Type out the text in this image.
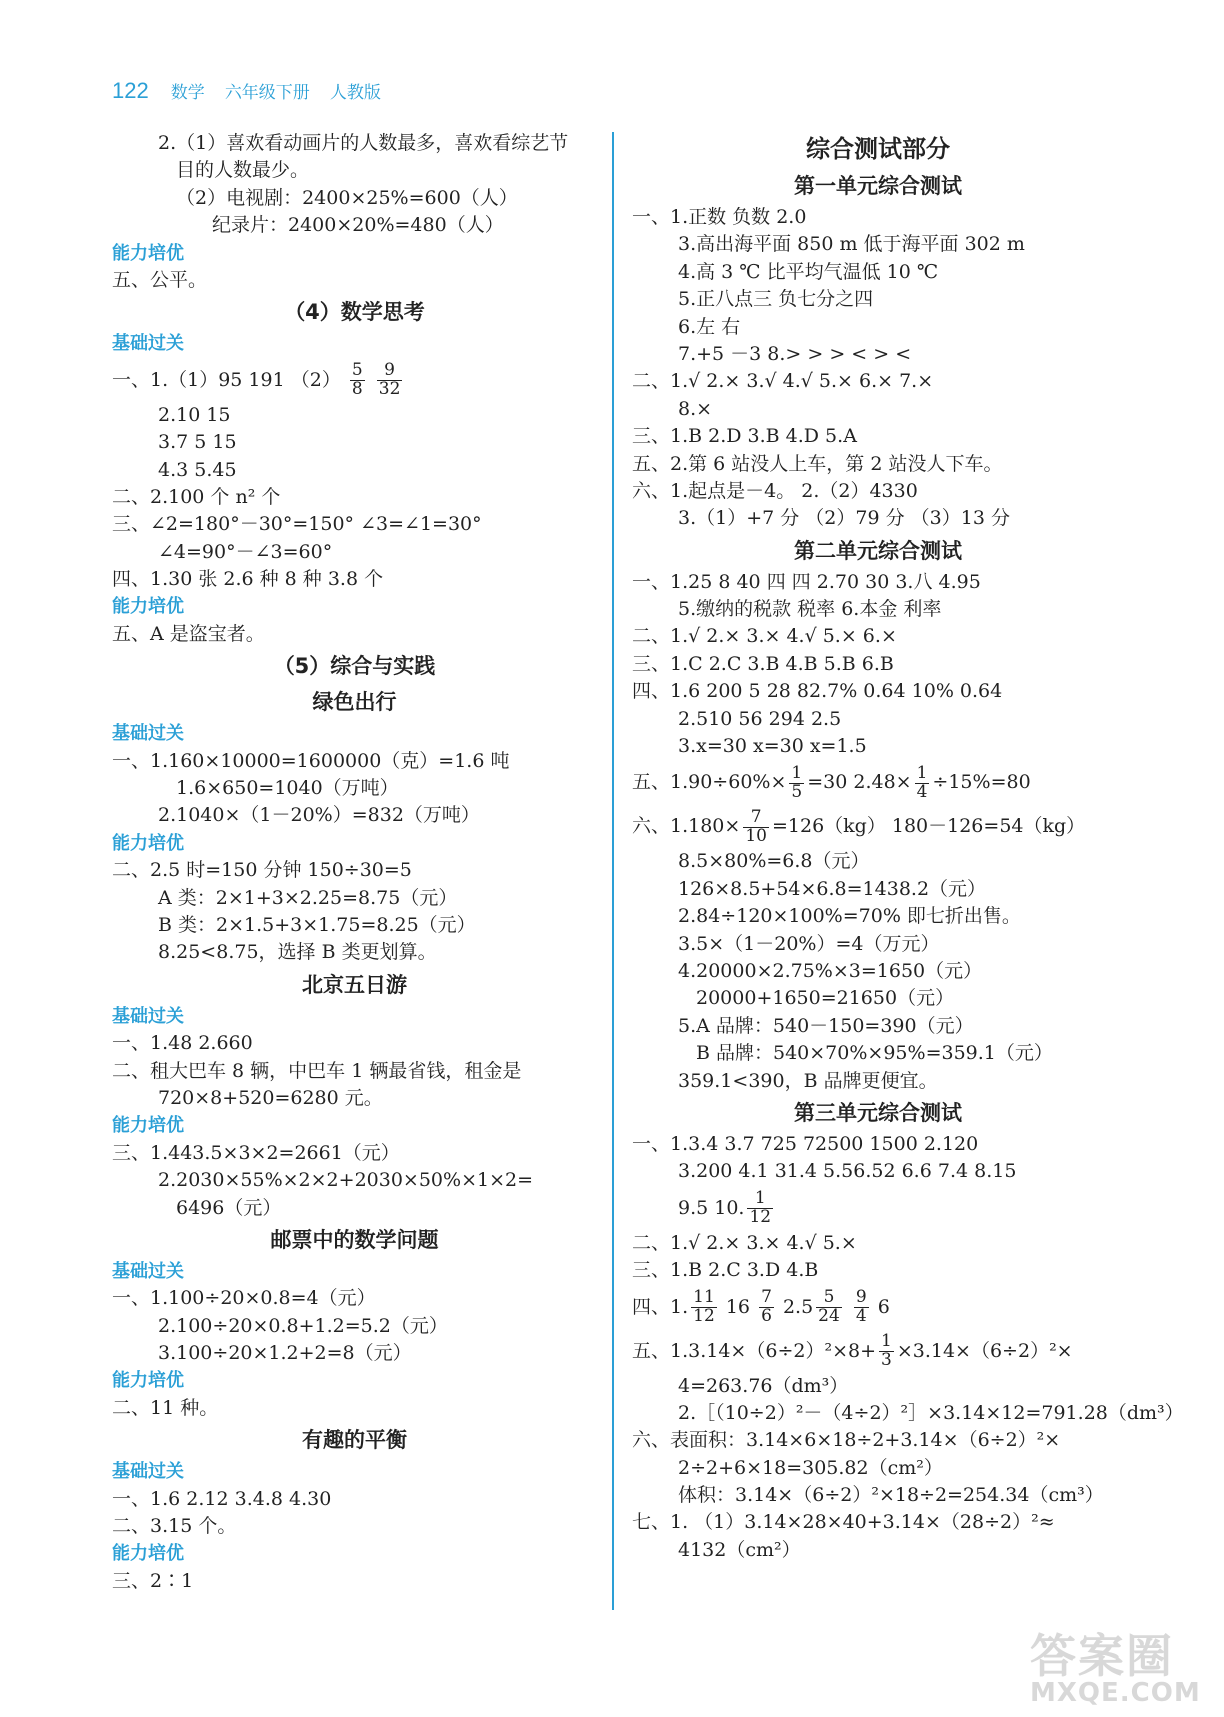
122 数学 六年级下册 人教版
2.（1）喜欢看动画片的人数最多，喜欢看综艺节
目的人数最少。
（2）电视剧：2400×25%=600（人）
纪录片：2400×20%=480（人）
能力培优
五、公平。
（4）数学思考
基础过关
一、1.（1）95 191 $(2) \frac{5}{8}$
$\frac{9}{32}$
2.10 15
3.7 5 15
4.3 5.45
二、2.100 个 n² 个
三、∠2=180°－30°=150° ∠3=∠1=30°
∠4=90°－∠3=60°
四、1.30 张 2.6 种 8 种 3.8 个
能力培优
五、A 是盗宝者。
（5）综合与实践
绿色出行
基础过关
一、1.160×10000=1600000（克）=1.6 吨
1.6×650=1040（万吨）
2.1040×（1－20%）=832（万吨）
能力培优
二、2.5 时=150 分钟 150÷30=5
A 类：2×1+3×2.25=8.75（元）
B 类：2×1.5+3×1.75=8.25（元）
8.25<8.75，选择 B 类更划算。
北京五日游
基础过关
一、1.48 2.660
二、租大巴车 8 辆，中巴车 1 辆最省钱，租金是
720×8+520=6280 元。
能力培优
三、1.443.5×3×2=2661（元）
2.2030×55%×2×2+2030×50%×1×2=
6496（元）
邮票中的数学问题
基础过关
一、1.100÷20×0.8=4（元）
2.100÷20×0.8+1.2=5.2（元）
3.100÷20×1.2+2=8（元）
能力培优
二、11 种。
有趣的平衡
基础过关
一、1.6 2.12 3.4.8 4.30
二、3.15 个。
能力培优
三、2∶1
综合测试部分
第一单元综合测试
一、1.正数 负数 2.0
3.高出海平面 850 m 低于海平面 302 m
4.高 3 ℃ 比平均气温低 10 ℃
5.正八点三 负七分之四
6.左 右
7.+5 －3 8.> > > < > <
二、1.√ 2.× 3.√ 4.√ 5.× 6.× 7.×
8.×
三、1.B 2.D 3.B 4.D 5.A
五、2.第 6 站没人上车，第 2 站没人下车。
六、1.起点是－4。 2.（2）4330
3.（1）+7 分 （2）79 分 （3）13 分
第二单元综合测试
一、1.25 8 40 四 四 2.70 30 3.八 4.95
5.缴纳的税款 税率 6.本金 利率
二、1.√ 2.× 3.× 4.√ 5.× 6.×
三、1.C 2.C 3.B 4.B 5.B 6.B
四、1.6 200 5 28 82.7% 0.64 10% 0.64
2.510 56 294 2.5
3.x=30 x=30 x=1.5
五、$1.90\div 60\%\times \frac{1}{5} =30$ $2.48\times \frac{1}{4} \div 15\%=80$
六、$1.180\times \frac{7}{10} =126(kg)$ 180－126=54（kg）
8.5×80%=6.8（元）
126×8.5+54×6.8=1438.2（元）
2.84÷120×100%=70% 即七折出售。
3.5×（1－20%）=4（万元）
4.20000×2.75%×3=1650（元）
20000+1650=21650（元）
5.A 品牌：540－150=390（元）
B 品牌：540×70%×95%=359.1（元）
359.1<390，B 品牌更便宜。
第三单元综合测试
一、1.3.4 3.7 725 72500 1500 2.120
3.200 4.1 31.4 5.56.52 6.6 7.4 8.15
9.5 10. $\frac{1}{12}$
二、1.√ 2.× 3.× 4.√ 5.×
三、1.B 2.C 3.D 4.B
四、1. $\frac{11}{12} 16 \frac{7}{6} 2.5 \frac{5}{24}$
$\frac{9}{4} 6$
五、$1.3.14\times(6\div 2)^2\times 8+ \frac{1}{3} \times 3.14\times(6\div 2)^2\times$
4=263.76（dm³）
2.［（10÷2）²－（4÷2）²］×3.14×12=791.28（dm³）
六、表面积：3.14×6×18÷2+3.14×（6÷2）²×
2÷2+6×18=305.82（cm²）
体积：3.14×（6÷2）²×18÷2=254.34（cm³）
七、1. （1）3.14×28×40+3.14×（28÷2）²≈
4132（cm²）
答案圈
MXQE.COM
